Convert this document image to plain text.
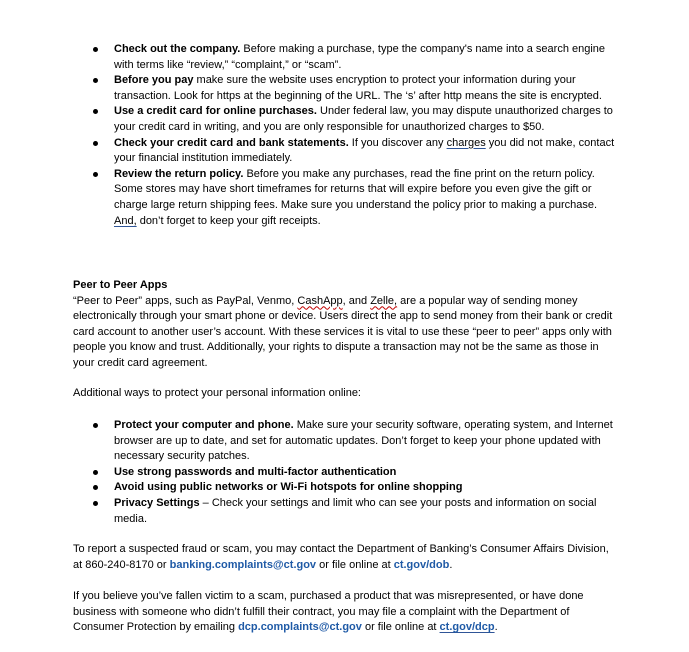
Check out the company. Before making a purchase, type the company's name into a search engine with terms like “review,” “complaint,” or “scam”.
Before you pay make sure the website uses encryption to protect your information during your transaction. Look for https at the beginning of the URL. The ‘s’ after http means the site is encrypted.
Use a credit card for online purchases. Under federal law, you may dispute unauthorized charges to your credit card in writing, and you are only responsible for unauthorized charges to $50.
Check your credit card and bank statements. If you discover any charges you did not make, contact your financial institution immediately.
Review the return policy. Before you make any purchases, read the fine print on the return policy. Some stores may have short timeframes for returns that will expire before you even give the gift or charge large return shipping fees. Make sure you understand the policy prior to making a purchase. And, don’t forget to keep your gift receipts.

Peer to Peer Apps
“Peer to Peer” apps, such as PayPal, Venmo, CashApp, and Zelle, are a popular way of sending money electronically through your smart phone or device. Users direct the app to send money from their bank or credit card account to another user’s account. With these services it is vital to use these “peer to peer” apps only with people you know and trust. Additionally, your rights to dispute a transaction may not be the same as those in your credit card agreement.

Additional ways to protect your personal information online:

Protect your computer and phone. Make sure your security software, operating system, and Internet browser are up to date, and set for automatic updates. Don’t forget to keep your phone updated with necessary security patches.
Use strong passwords and multi-factor authentication
Avoid using public networks or Wi-Fi hotspots for online shopping
Privacy Settings – Check your settings and limit who can see your posts and information on social media.

To report a suspected fraud or scam, you may contact the Department of Banking’s Consumer Affairs Division, at 860-240-8170 or banking.complaints@ct.gov or file online at ct.gov/dob.

If you believe you’ve fallen victim to a scam, purchased a product that was misrepresented, or have done business with someone who didn’t fulfill their contract, you may file a complaint with the Department of Consumer Protection by emailing dcp.complaints@ct.gov or file online at ct.gov/dcp.
